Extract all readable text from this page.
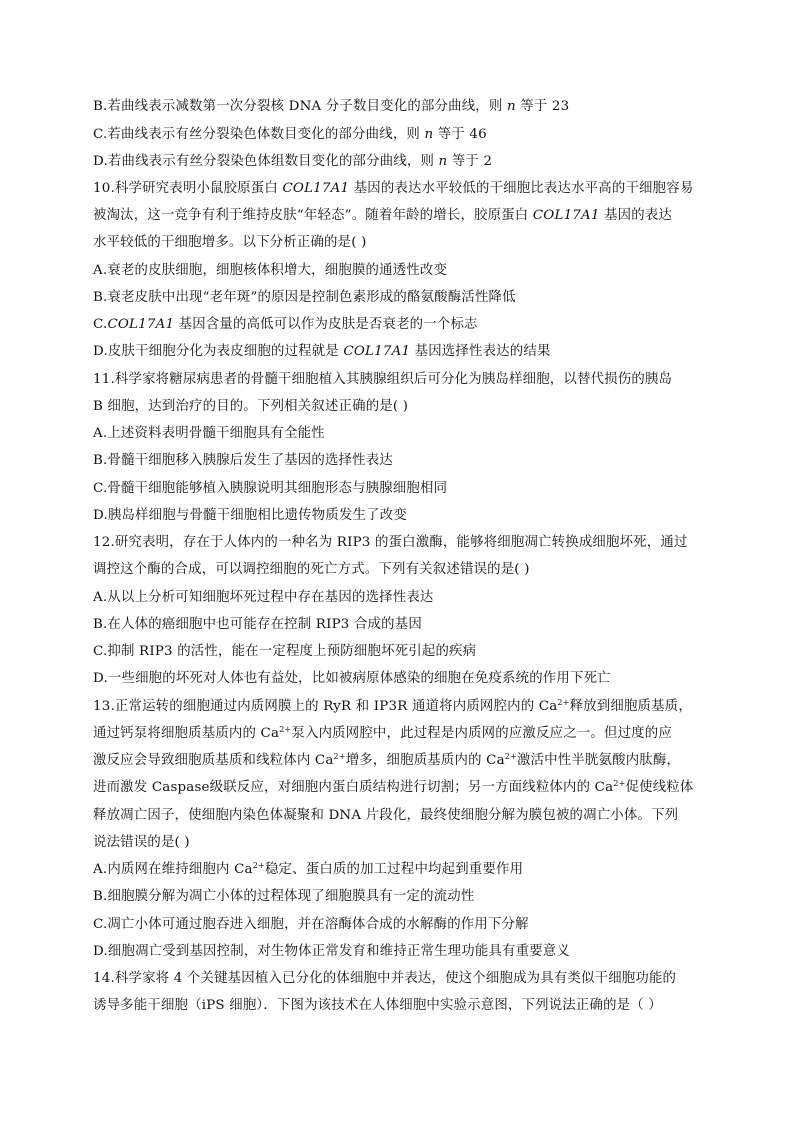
B.若曲线表示减数第一次分裂核 DNA 分子数目变化的部分曲线，则 n 等于 23
C.若曲线表示有丝分裂染色体数目变化的部分曲线，则 n 等于 46
D.若曲线表示有丝分裂染色体组数目变化的部分曲线，则 n 等于 2
10.科学研究表明小鼠胶原蛋白 COL17A1 基因的表达水平较低的干细胞比表达水平高的干细胞容易
被淘汰，这一竞争有利于维持皮肤“年轻态”。随着年龄的增长，胶原蛋白 COL17A1 基因的表达
水平较低的干细胞增多。以下分析正确的是( )
A.衰老的皮肤细胞，细胞核体积增大，细胞膜的通透性改变
B.衰老皮肤中出现“老年斑”的原因是控制色素形成的酪氨酸酶活性降低
C.COL17A1 基因含量的高低可以作为皮肤是否衰老的一个标志
D.皮肤干细胞分化为表皮细胞的过程就是 COL17A1 基因选择性表达的结果
11.科学家将糖尿病患者的骨髓干细胞植入其胰腺组织后可分化为胰岛样细胞，以替代损伤的胰岛
B 细胞，达到治疗的目的。下列相关叙述正确的是( )
A.上述资料表明骨髓干细胞具有全能性
B.骨髓干细胞移入胰腺后发生了基因的选择性表达
C.骨髓干细胞能够植入胰腺说明其细胞形态与胰腺细胞相同
D.胰岛样细胞与骨髓干细胞相比遗传物质发生了改变
12.研究表明，存在于人体内的一种名为 RIP3 的蛋白激酶，能够将细胞凋亡转换成细胞坏死，通过
调控这个酶的合成，可以调控细胞的死亡方式。下列有关叙述错误的是( )
A.从以上分析可知细胞坏死过程中存在基因的选择性表达
B.在人体的癌细胞中也可能存在控制 RIP3 合成的基因
C.抑制 RIP3 的活性，能在一定程度上预防细胞坏死引起的疾病
D.一些细胞的坏死对人体也有益处，比如被病原体感染的细胞在免疫系统的作用下死亡
13.正常运转的细胞通过内质网膜上的 RyR 和 IP3R 通道将内质网腔内的 $Ca^{2+}$释放到细胞质基质，
通过钙泵将细胞质基质内的 $Ca^{2+}$泵入内质网腔中，此过程是内质网的应激反应之一。但过度的应
激反应会导致细胞质基质和线粒体内 $Ca^{2+}$增多，细胞质基质内的 $Ca^{2+}$激活中性半胱氨酸内肽酶，
进而激发 Caspase级联反应，对细胞内蛋白质结构进行切割；另一方面线粒体内的 $Ca^{2+}$促使线粒体
释放凋亡因子，使细胞内染色体凝聚和 DNA 片段化，最终使细胞分解为膜包被的凋亡小体。下列
说法错误的是( )
A.内质网在维持细胞内 $Ca^{2+}$稳定、蛋白质的加工过程中均起到重要作用
B.细胞膜分解为凋亡小体的过程体现了细胞膜具有一定的流动性
C.凋亡小体可通过胞吞进入细胞，并在溶酶体合成的水解酶的作用下分解
D.细胞凋亡受到基因控制，对生物体正常发育和维持正常生理功能具有重要意义
14.科学家将 4 个关键基因植入已分化的体细胞中并表达，使这个细胞成为具有类似干细胞功能的
诱导多能干细胞（iPS 细胞）．下图为该技术在人体细胞中实验示意图，下列说法正确的是（ ）
